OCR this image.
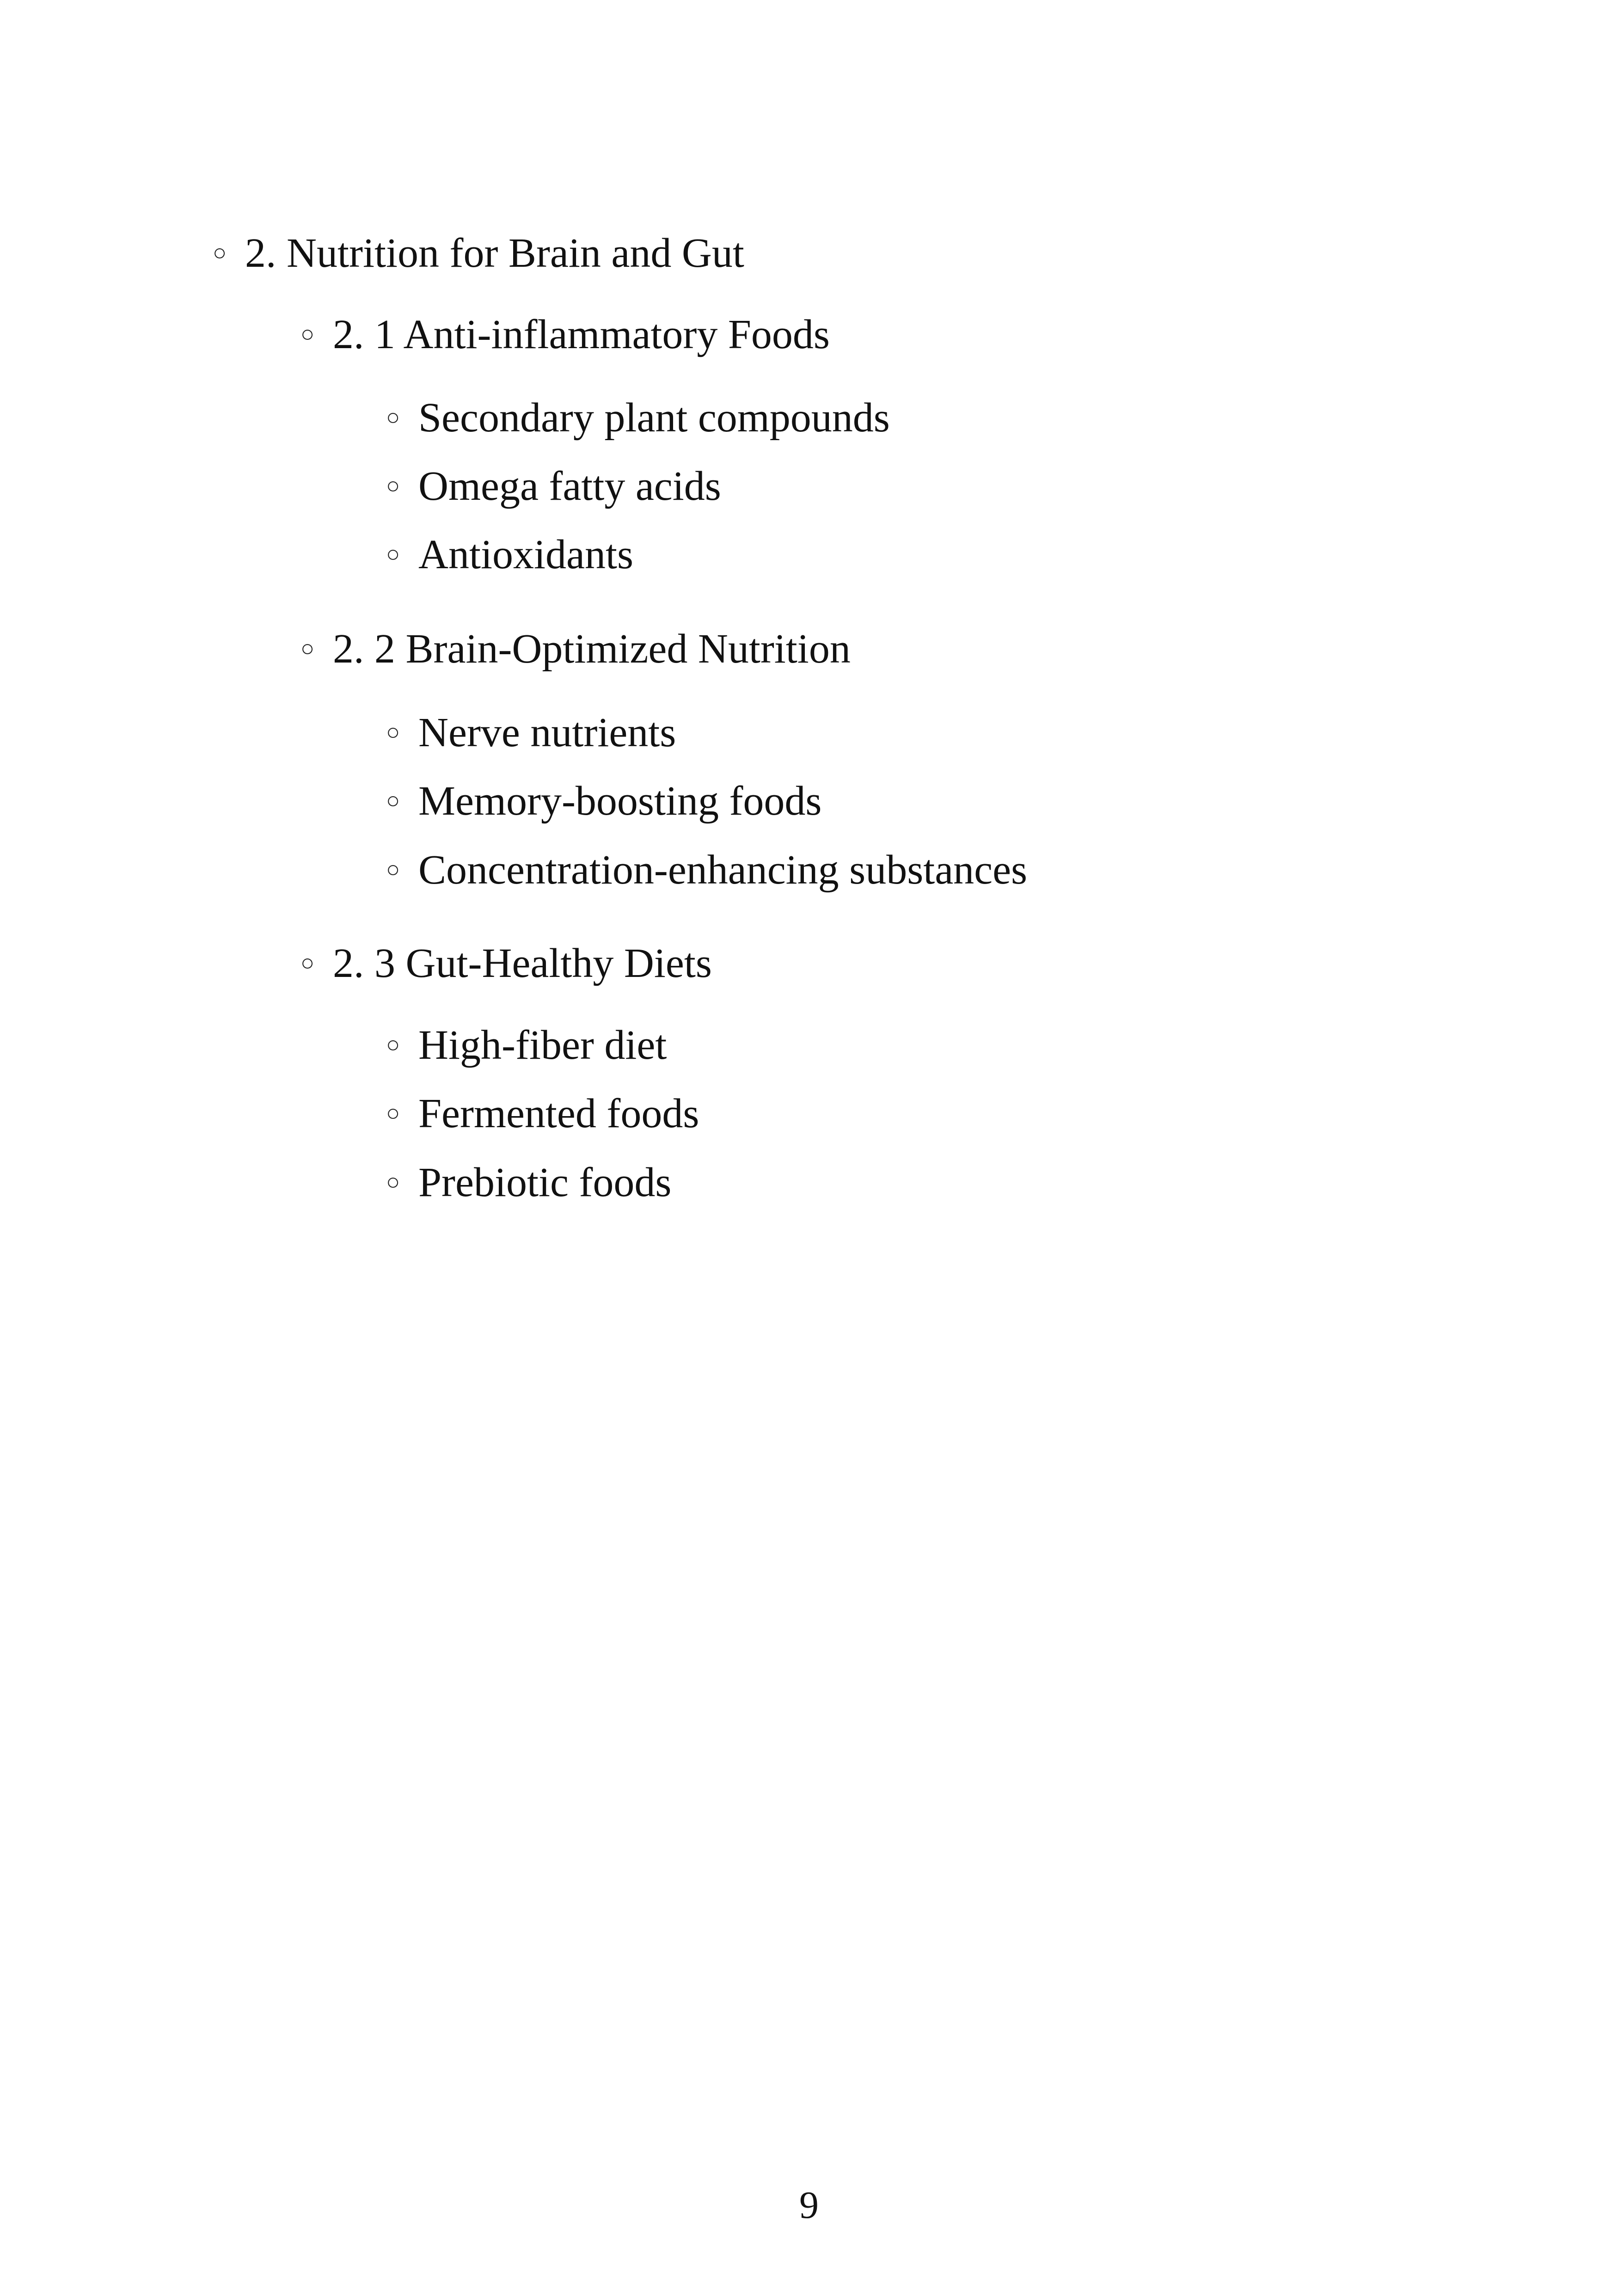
○ 2. Nutrition for Brain and Gut
○ 2. 1 Anti-inflammatory Foods
○ Secondary plant compounds
○ Omega fatty acids
○ Antioxidants
○ 2. 2 Brain-Optimized Nutrition
○ Nerve nutrients
○ Memory-boosting foods
○ Concentration-enhancing substances
○ 2. 3 Gut-Healthy Diets
○ High-fiber diet
○ Fermented foods
○ Prebiotic foods
9
